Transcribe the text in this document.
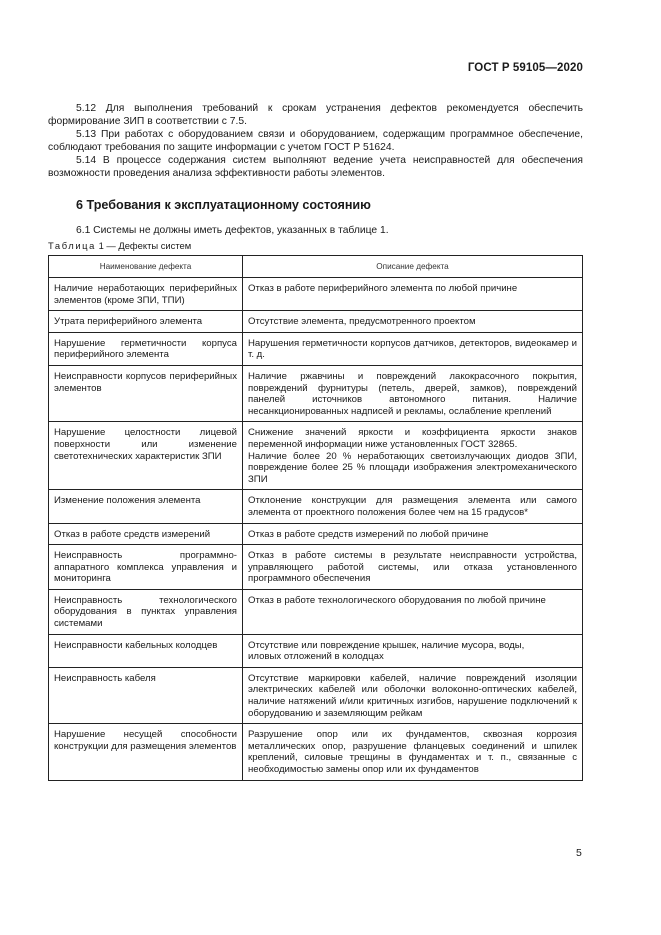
ГОСТ Р 59105—2020

5.12 Для выполнения требований к срокам устранения дефектов рекомендуется обеспечить формирование ЗИП в соответствии с 7.5.

5.13 При работах с оборудованием связи и оборудованием, содержащим программное обеспечение, соблюдают требования по защите информации с учетом ГОСТ Р 51624.

5.14 В процессе содержания систем выполняют ведение учета неисправностей для обеспечения возможности проведения анализа эффективности работы элементов.

6 Требования к эксплуатационному состоянию

6.1 Системы не должны иметь дефектов, указанных в таблице 1.

Таблица 1 — Дефекты систем
Наименование дефекта	Описание дефекта
Наличие неработающих периферийных элементов (кроме ЗПИ, ТПИ)	Отказ в работе периферийного элемента по любой причине
Утрата периферийного элемента	Отсутствие элемента, предусмотренного проектом
Нарушение герметичности корпуса периферийного элемента	Нарушения герметичности корпусов датчиков, детекторов, видеокамер и т. д.
Неисправности корпусов периферийных элементов	Наличие ржавчины и повреждений лакокрасочного покрытия, повреждений фурнитуры (петель, дверей, замков), повреждений панелей источников автономного питания. Наличие несанкционированных надписей и рекламы, ослабление креплений
Нарушение целостности лицевой поверхности или изменение светотехнических характеристик ЗПИ	Снижение значений яркости и коэффициента яркости знаков переменной информации ниже установленных ГОСТ 32865.
Наличие более 20 % неработающих светоизлучающих диодов ЗПИ, повреждение более 25 % площади изображения электромеханического ЗПИ
Изменение положения элемента	Отклонение конструкции для размещения элемента или самого элемента от проектного положения более чем на 15 градусов*
Отказ в работе средств измерений	Отказ в работе средств измерений по любой причине
Неисправность программно-аппаратного комплекса управления и мониторинга	Отказ в работе системы в результате неисправности устройства, управляющего работой системы, или отказа установленного программного обеспечения
Неисправность технологического оборудования в пунктах управления системами	Отказ в работе технологического оборудования по любой причине
Неисправности кабельных колодцев	Отсутствие или повреждение крышек, наличие мусора, воды,
иловых отложений в колодцах
Неисправность кабеля	Отсутствие маркировки кабелей, наличие повреждений изоляции электрических кабелей или оболочки волоконно-оптических кабелей, наличие натяжений и/или критичных изгибов, нарушение подключений к оборудованию и заземляющим рейкам
Нарушение несущей способности конструкции для размещения элементов	Разрушение опор или их фундаментов, сквозная коррозия металлических опор, разрушение фланцевых соединений и шпилек креплений, силовые трещины в фундаментах и т. п., связанные с необходимостью замены опор или их фундаментов
5
